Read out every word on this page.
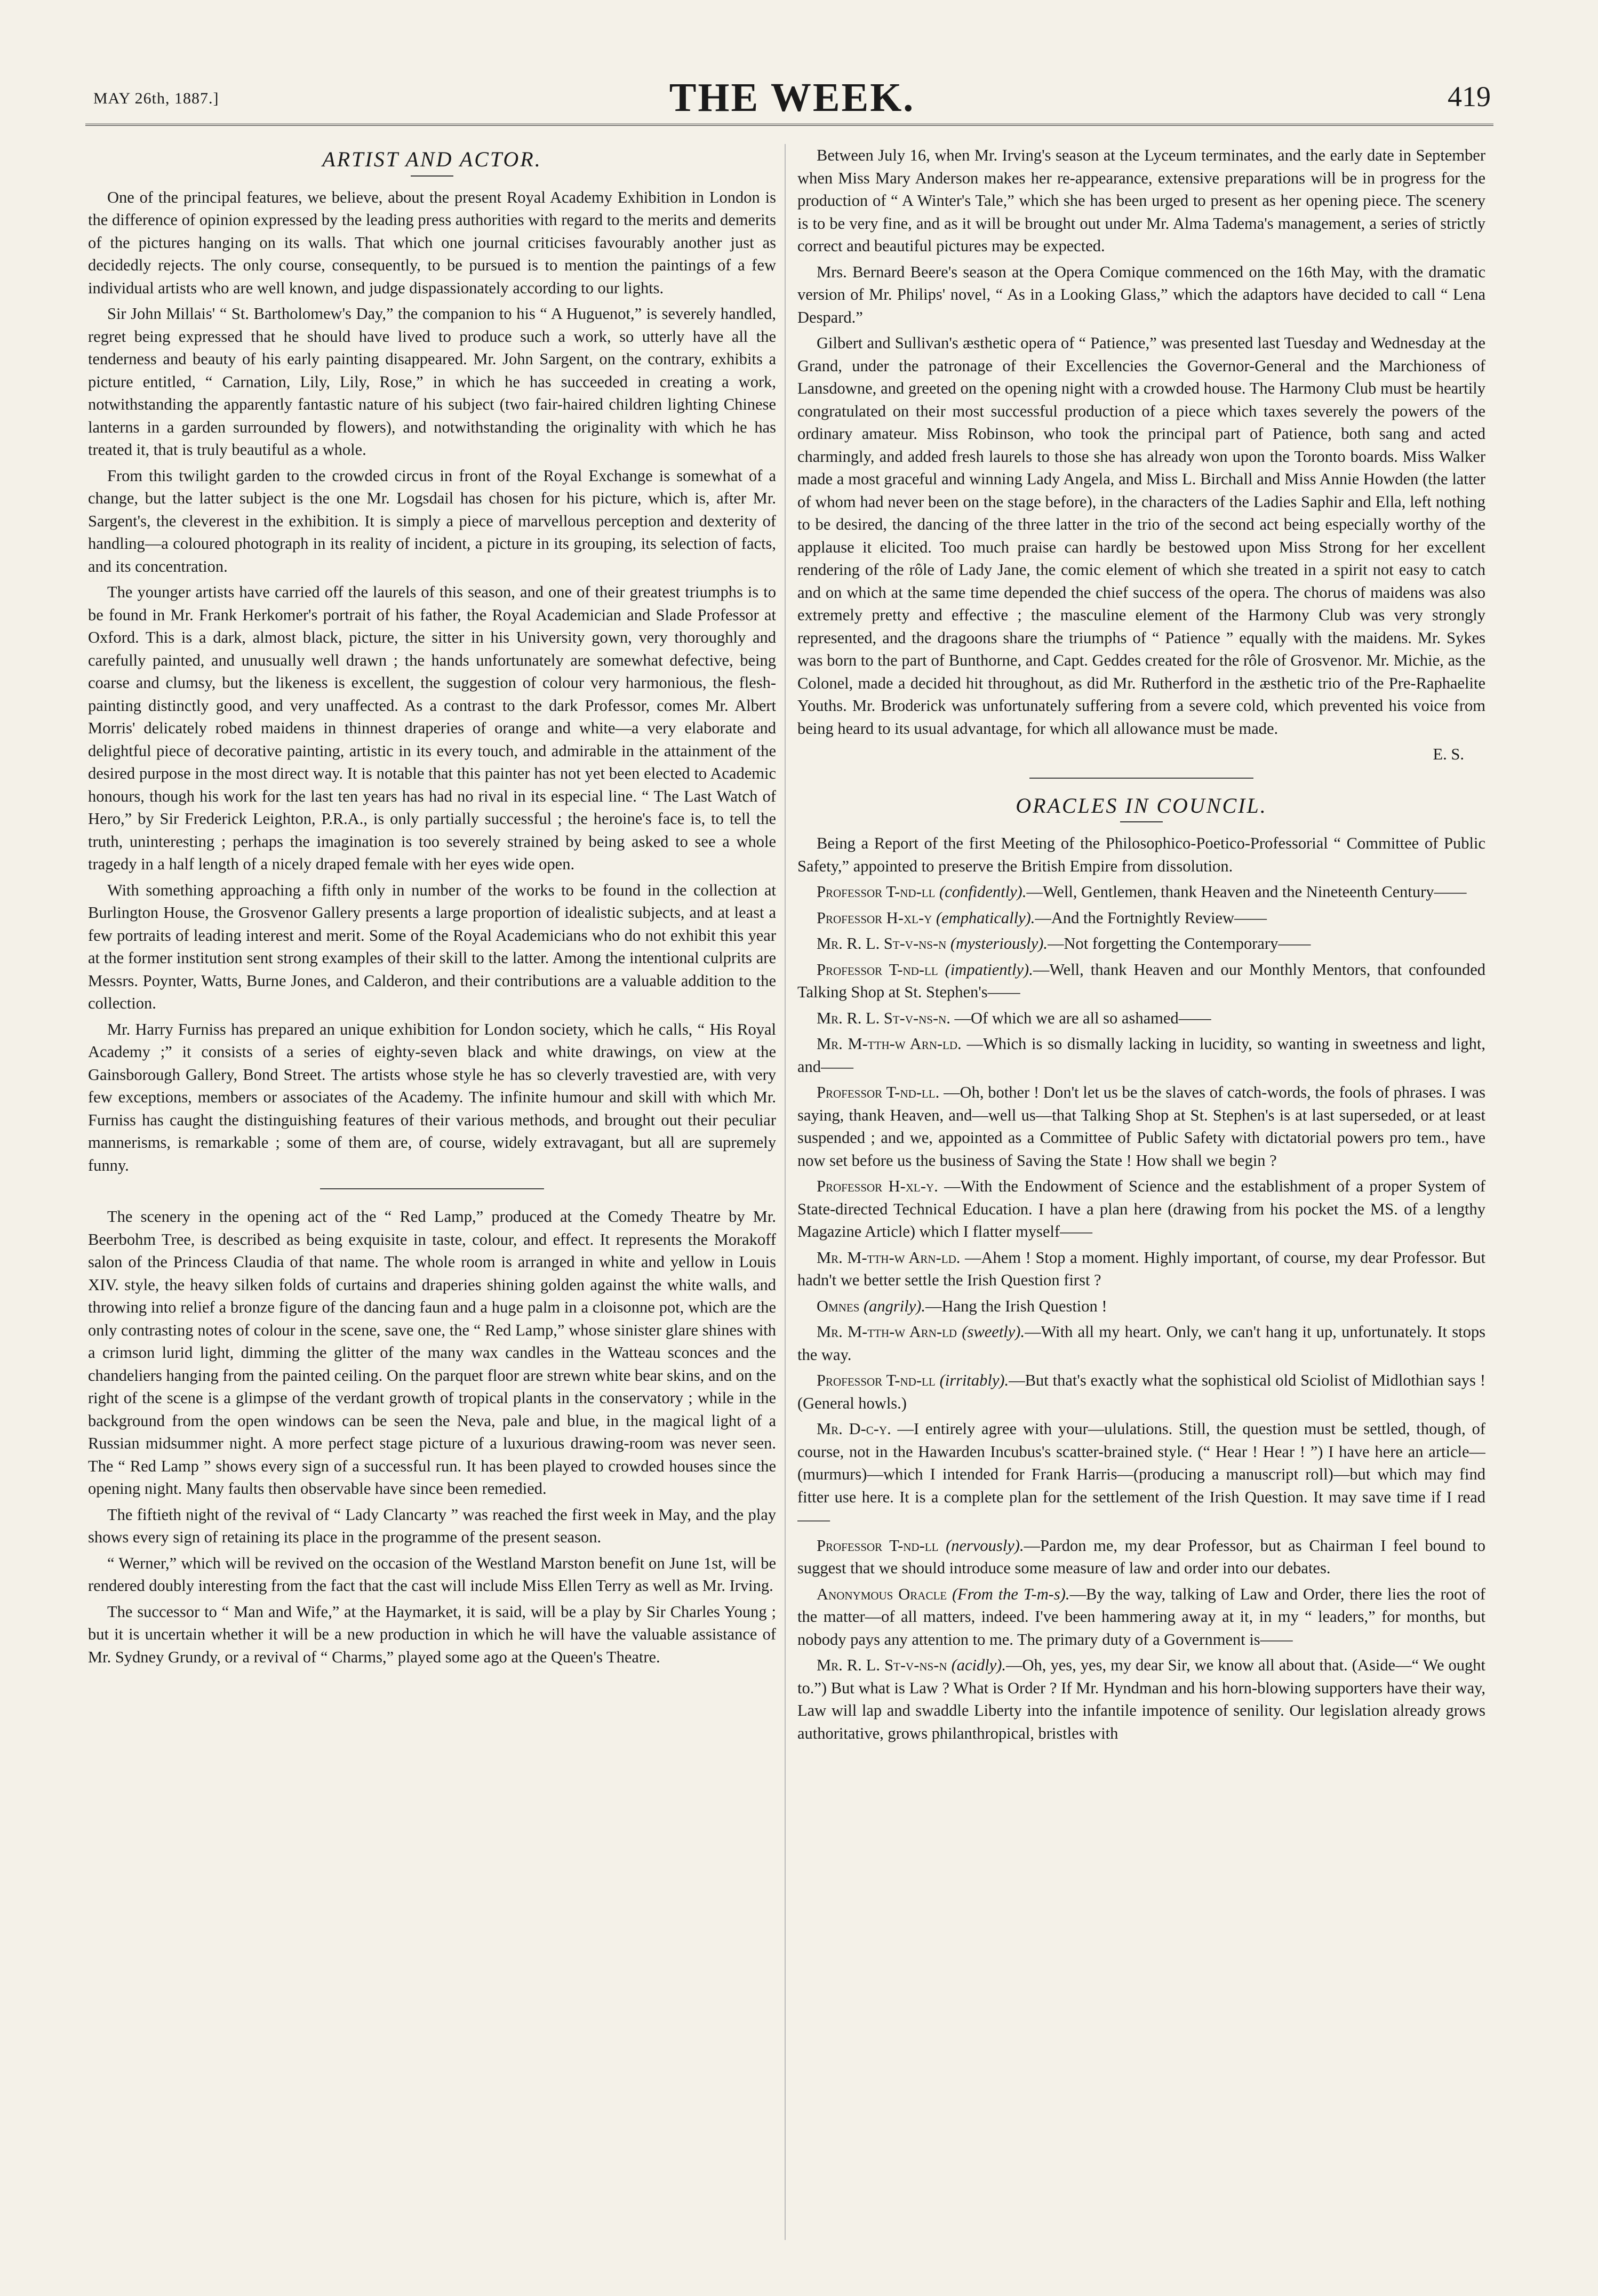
MAY 26th, 1887.]	THE WEEK.	419
ARTIST AND ACTOR.

One of the principal features, we believe, about the present Royal Academy Exhibition in London is the difference of opinion expressed by the leading press authorities with regard to the merits and demerits of the pictures hanging on its walls. That which one journal criticises favourably another just as decidedly rejects. The only course, consequently, to be pursued is to mention the paintings of a few individual artists who are well known, and judge dispassionately according to our lights.

Sir John Millais' “ St. Bartholomew's Day,” the companion to his “ A Huguenot,” is severely handled, regret being expressed that he should have lived to produce such a work, so utterly have all the tenderness and beauty of his early painting disappeared. Mr. John Sargent, on the contrary, exhibits a picture entitled, “ Carnation, Lily, Lily, Rose,” in which he has succeeded in creating a work, notwithstanding the apparently fantastic nature of his subject (two fair-haired children lighting Chinese lanterns in a garden surrounded by flowers), and notwithstanding the originality with which he has treated it, that is truly beautiful as a whole.

From this twilight garden to the crowded circus in front of the Royal Exchange is somewhat of a change, but the latter subject is the one Mr. Logsdail has chosen for his picture, which is, after Mr. Sargent's, the cleverest in the exhibition. It is simply a piece of marvellous perception and dexterity of handling—a coloured photograph in its reality of incident, a picture in its grouping, its selection of facts, and its concentration.

The younger artists have carried off the laurels of this season, and one of their greatest triumphs is to be found in Mr. Frank Herkomer's portrait of his father, the Royal Academician and Slade Professor at Oxford. This is a dark, almost black, picture, the sitter in his University gown, very thoroughly and carefully painted, and unusually well drawn ; the hands unfortunately are somewhat defective, being coarse and clumsy, but the likeness is excellent, the suggestion of colour very harmonious, the flesh-painting distinctly good, and very unaffected. As a contrast to the dark Professor, comes Mr. Albert Morris' delicately robed maidens in thinnest draperies of orange and white—a very elaborate and delightful piece of decorative painting, artistic in its every touch, and admirable in the attainment of the desired purpose in the most direct way. It is notable that this painter has not yet been elected to Academic honours, though his work for the last ten years has had no rival in its especial line. “ The Last Watch of Hero,” by Sir Frederick Leighton, P.R.A., is only partially successful ; the heroine's face is, to tell the truth, uninteresting ; perhaps the imagination is too severely strained by being asked to see a whole tragedy in a half length of a nicely draped female with her eyes wide open.

With something approaching a fifth only in number of the works to be found in the collection at Burlington House, the Grosvenor Gallery presents a large proportion of idealistic subjects, and at least a few portraits of leading interest and merit. Some of the Royal Academicians who do not exhibit this year at the former institution sent strong examples of their skill to the latter. Among the intentional culprits are Messrs. Poynter, Watts, Burne Jones, and Calderon, and their contributions are a valuable addition to the collection.

Mr. Harry Furniss has prepared an unique exhibition for London society, which he calls, “ His Royal Academy ;” it consists of a series of eighty-seven black and white drawings, on view at the Gainsborough Gallery, Bond Street. The artists whose style he has so cleverly travestied are, with very few exceptions, members or associates of the Academy. The infinite humour and skill with which Mr. Furniss has caught the distinguishing features of their various methods, and brought out their peculiar mannerisms, is remarkable ; some of them are, of course, widely extravagant, but all are supremely funny.

The scenery in the opening act of the “ Red Lamp,” produced at the Comedy Theatre by Mr. Beerbohm Tree, is described as being exquisite in taste, colour, and effect. It represents the Morakoff salon of the Princess Claudia of that name. The whole room is arranged in white and yellow in Louis XIV. style, the heavy silken folds of curtains and draperies shining golden against the white walls, and throwing into relief a bronze figure of the dancing faun and a huge palm in a cloisonne pot, which are the only contrasting notes of colour in the scene, save one, the “ Red Lamp,” whose sinister glare shines with a crimson lurid light, dimming the glitter of the many wax candles in the Watteau sconces and the chandeliers hanging from the painted ceiling. On the parquet floor are strewn white bear skins, and on the right of the scene is a glimpse of the verdant growth of tropical plants in the conservatory ; while in the background from the open windows can be seen the Neva, pale and blue, in the magical light of a Russian midsummer night. A more perfect stage picture of a luxurious drawing-room was never seen. The “ Red Lamp ” shows every sign of a successful run. It has been played to crowded houses since the opening night. Many faults then observable have since been remedied.

The fiftieth night of the revival of “ Lady Clancarty ” was reached the first week in May, and the play shows every sign of retaining its place in the programme of the present season.

“ Werner,” which will be revived on the occasion of the Westland Marston benefit on June 1st, will be rendered doubly interesting from the fact that the cast will include Miss Ellen Terry as well as Mr. Irving.

The successor to “ Man and Wife,” at the Haymarket, it is said, will be a play by Sir Charles Young ; but it is uncertain whether it will be a new production in which he will have the valuable assistance of Mr. Sydney Grundy, or a revival of “ Charms,” played some ago at the Queen's Theatre.

Between July 16, when Mr. Irving's season at the Lyceum terminates, and the early date in September when Miss Mary Anderson makes her re-appearance, extensive preparations will be in progress for the production of “ A Winter's Tale,” which she has been urged to present as her opening piece. The scenery is to be very fine, and as it will be brought out under Mr. Alma Tadema's management, a series of strictly correct and beautiful pictures may be expected.

Mrs. Bernard Beere's season at the Opera Comique commenced on the 16th May, with the dramatic version of Mr. Philips' novel, “ As in a Looking Glass,” which the adaptors have decided to call “ Lena Despard.”

Gilbert and Sullivan's æsthetic opera of “ Patience,” was presented last Tuesday and Wednesday at the Grand, under the patronage of their Excellencies the Governor-General and the Marchioness of Lansdowne, and greeted on the opening night with a crowded house. The Harmony Club must be heartily congratulated on their most successful production of a piece which taxes severely the powers of the ordinary amateur. Miss Robinson, who took the principal part of Patience, both sang and acted charmingly, and added fresh laurels to those she has already won upon the Toronto boards. Miss Walker made a most graceful and winning Lady Angela, and Miss L. Birchall and Miss Annie Howden (the latter of whom had never been on the stage before), in the characters of the Ladies Saphir and Ella, left nothing to be desired, the dancing of the three latter in the trio of the second act being especially worthy of the applause it elicited. Too much praise can hardly be bestowed upon Miss Strong for her excellent rendering of the rôle of Lady Jane, the comic element of which she treated in a spirit not easy to catch and on which at the same time depended the chief success of the opera. The chorus of maidens was also extremely pretty and effective ; the masculine element of the Harmony Club was very strongly represented, and the dragoons share the triumphs of “ Patience ” equally with the maidens. Mr. Sykes was born to the part of Bunthorne, and Capt. Geddes created for the rôle of Grosvenor. Mr. Michie, as the Colonel, made a decided hit throughout, as did Mr. Rutherford in the æsthetic trio of the Pre-Raphaelite Youths. Mr. Broderick was unfortunately suffering from a severe cold, which prevented his voice from being heard to its usual advantage, for which all allowance must be made.

E. S.
ORACLES IN COUNCIL.

Being a Report of the first Meeting of the Philosophico-Poetico-Professorial “ Committee of Public Safety,” appointed to preserve the British Empire from dissolution.

Professor T-nd-ll (confidently).—Well, Gentlemen, thank Heaven and the Nineteenth Century——

Professor H-xl-y (emphatically).—And the Fortnightly Review——

Mr. R. L. St-v-ns-n (mysteriously).—Not forgetting the Contemporary——

Professor T-nd-ll (impatiently).—Well, thank Heaven and our Monthly Mentors, that confounded Talking Shop at St. Stephen's——

Mr. R. L. St-v-ns-n. —Of which we are all so ashamed——

Mr. M-tth-w Arn-ld. —Which is so dismally lacking in lucidity, so wanting in sweetness and light, and——

Professor T-nd-ll. —Oh, bother ! Don't let us be the slaves of catch-words, the fools of phrases. I was saying, thank Heaven, and—well us—that Talking Shop at St. Stephen's is at last superseded, or at least suspended ; and we, appointed as a Committee of Public Safety with dictatorial powers pro tem., have now set before us the business of Saving the State ! How shall we begin ?

Professor H-xl-y. —With the Endowment of Science and the establishment of a proper System of State-directed Technical Education. I have a plan here (drawing from his pocket the MS. of a lengthy Magazine Article) which I flatter myself——

Mr. M-tth-w Arn-ld. —Ahem ! Stop a moment. Highly important, of course, my dear Professor. But hadn't we better settle the Irish Question first ?

Omnes (angrily).—Hang the Irish Question !

Mr. M-tth-w Arn-ld (sweetly).—With all my heart. Only, we can't hang it up, unfortunately. It stops the way.

Professor T-nd-ll (irritably).—But that's exactly what the sophistical old Sciolist of Midlothian says ! (General howls.)

Mr. D-c-y. —I entirely agree with your—ululations. Still, the question must be settled, though, of course, not in the Hawarden Incubus's scatter-brained style. (“ Hear ! Hear ! ”) I have here an article—(murmurs)—which I intended for Frank Harris—(producing a manuscript roll)—but which may find fitter use here. It is a complete plan for the settlement of the Irish Question. It may save time if I read——

Professor T-nd-ll (nervously).—Pardon me, my dear Professor, but as Chairman I feel bound to suggest that we should introduce some measure of law and order into our debates.

Anonymous Oracle (From the T-m-s).—By the way, talking of Law and Order, there lies the root of the matter—of all matters, indeed. I've been hammering away at it, in my “ leaders,” for months, but nobody pays any attention to me. The primary duty of a Government is——

Mr. R. L. St-v-ns-n (acidly).—Oh, yes, yes, my dear Sir, we know all about that. (Aside—“ We ought to.”) But what is Law ? What is Order ? If Mr. Hyndman and his horn-blowing supporters have their way, Law will lap and swaddle Liberty into the infantile impotence of senility. Our legislation already grows authoritative, grows philanthropical, bristles with
